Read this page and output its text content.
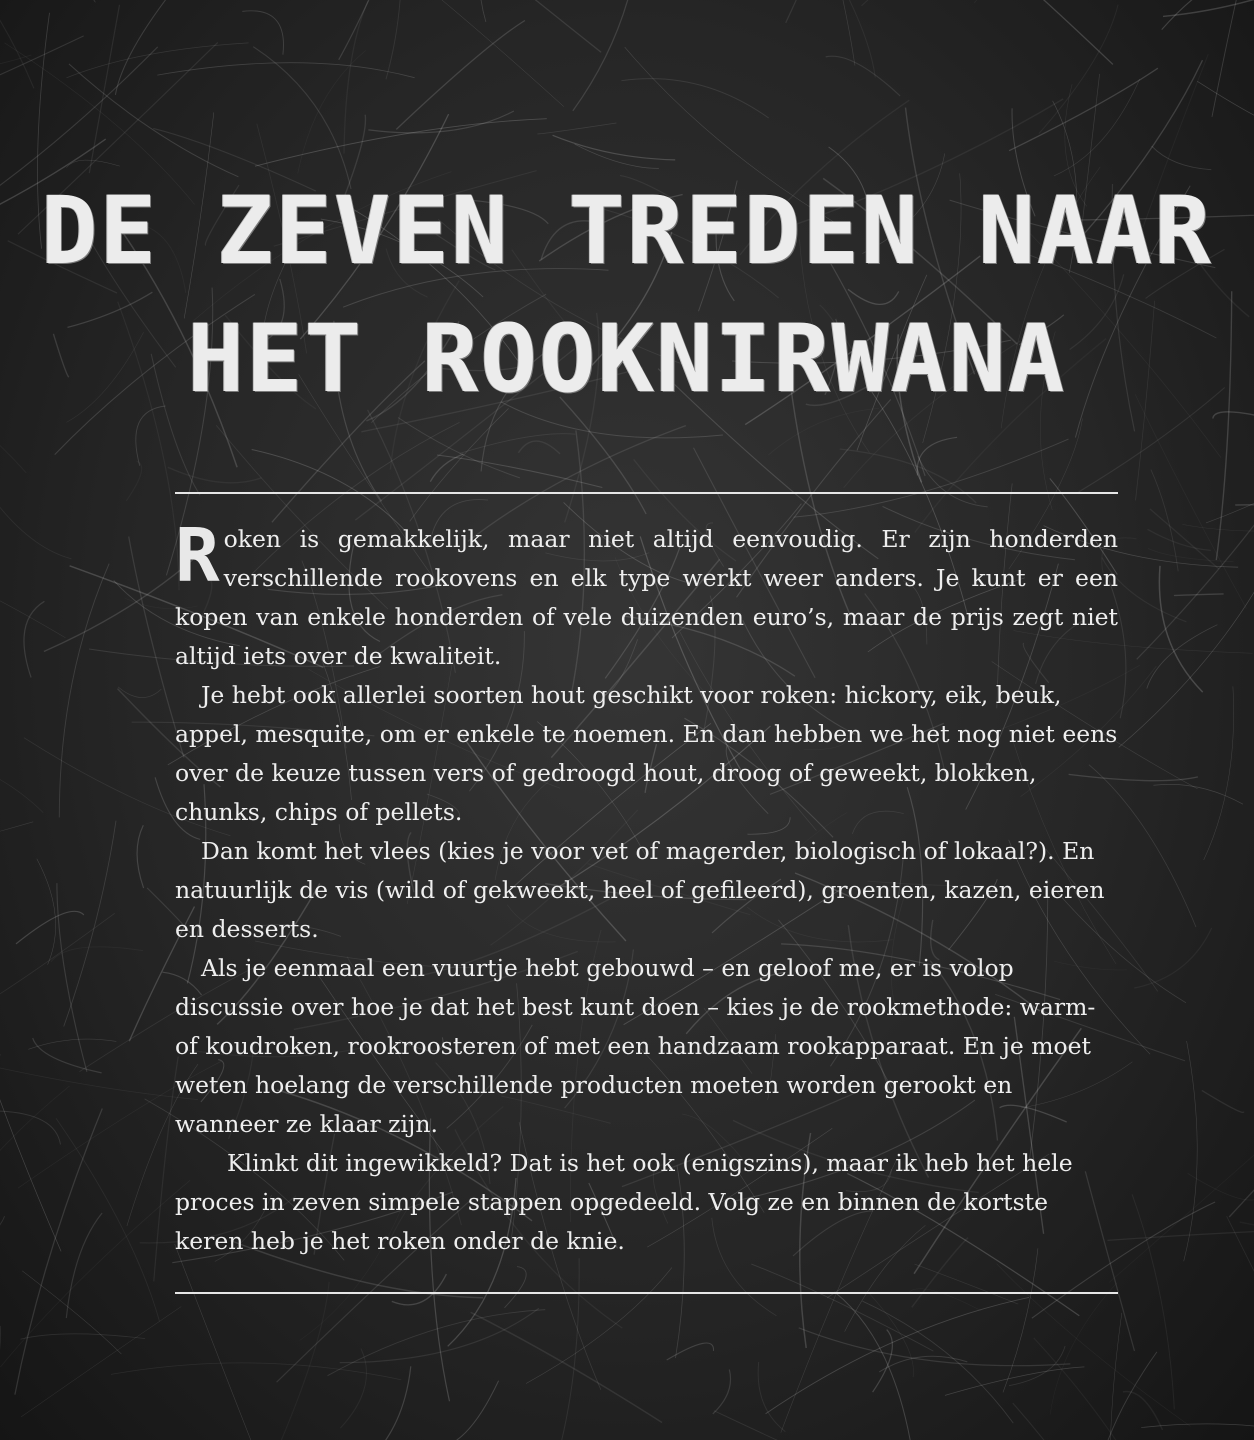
DE ZEVEN TREDEN NAAR
HET ROOKNIRWANA

Roken is gemakkelijk, maar niet altijd eenvoudig. Er zijn honderden verschillende rookovens en elk type werkt weer anders. Je kunt er een kopen van enkele honderden of vele duizenden euro’s, maar de prijs zegt niet altijd iets over de kwaliteit.

Je hebt ook allerlei soorten hout geschikt voor roken: hickory, eik, beuk, appel, mesquite, om er enkele te noemen. En dan hebben we het nog niet eens over de keuze tussen vers of gedroogd hout, droog of geweekt, blokken, chunks, chips of pellets.

Dan komt het vlees (kies je voor vet of magerder, biologisch of lokaal?). En natuurlijk de vis (wild of gekweekt, heel of gefileerd), groenten, kazen, eieren en desserts.

Als je eenmaal een vuurtje hebt gebouwd – en geloof me, er is volop discussie over hoe je dat het best kunt doen – kies je de rookmethode: warm- of koudroken, rookroosteren of met een handzaam rookapparaat. En je moet weten hoelang de verschillende producten moeten worden gerookt en wanneer ze klaar zijn.

Klinkt dit ingewikkeld? Dat is het ook (enigszins), maar ik heb het hele proces in zeven simpele stappen opgedeeld. Volg ze en binnen de kortste keren heb je het roken onder de knie.
